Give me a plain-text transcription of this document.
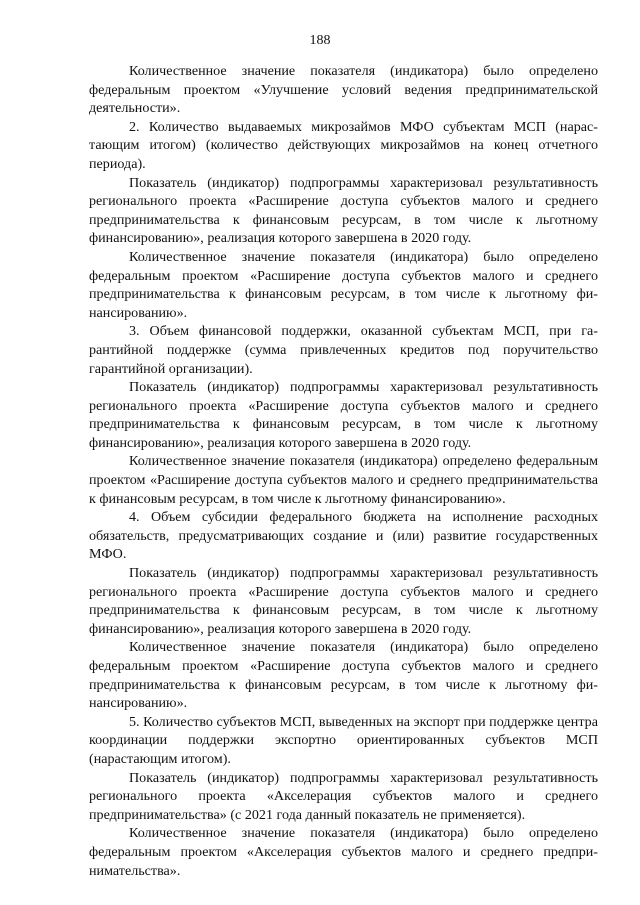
188

Количественное значение показателя (индикатора) было определено федеральным проектом «Улучшение условий ведения предпринимательской деятельности».

2. Количество выдаваемых микрозаймов МФО субъектам МСП (нарастающим итогом) (количество действующих микрозаймов на конец отчетного периода).

Показатель (индикатор) подпрограммы характеризовал результативность регионального проекта «Расширение доступа субъектов малого и среднего предпринимательства к финансовым ресурсам, в том числе к льготному финансированию», реализация которого завершена в 2020 году.

Количественное значение показателя (индикатора) было определено федеральным проектом «Расширение доступа субъектов малого и среднего предпринимательства к финансовым ресурсам, в том числе к льготному финансированию».

3. Объем финансовой поддержки, оказанной субъектам МСП, при гарантийной поддержке (сумма привлеченных кредитов под поручительство гарантийной организации).

Показатель (индикатор) подпрограммы характеризовал результативность регионального проекта «Расширение доступа субъектов малого и среднего предпринимательства к финансовым ресурсам, в том числе к льготному финансированию», реализация которого завершена в 2020 году.

Количественное значение показателя (индикатора) определено федеральным проектом «Расширение доступа субъектов малого и среднего предпринимательства к финансовым ресурсам, в том числе к льготному финансированию».

4. Объем субсидии федерального бюджета на исполнение расходных обязательств, предусматривающих создание и (или) развитие государственных МФО.

Показатель (индикатор) подпрограммы характеризовал результативность регионального проекта «Расширение доступа субъектов малого и среднего предпринимательства к финансовым ресурсам, в том числе к льготному финансированию», реализация которого завершена в 2020 году.

Количественное значение показателя (индикатора) было определено федеральным проектом «Расширение доступа субъектов малого и среднего предпринимательства к финансовым ресурсам, в том числе к льготному финансированию».

5. Количество субъектов МСП, выведенных на экспорт при поддержке центра координации поддержки экспортно ориентированных субъектов МСП (нарастающим итогом).

Показатель (индикатор) подпрограммы характеризовал результативность регионального проекта «Акселерация субъектов малого и среднего предпринимательства» (с 2021 года данный показатель не применяется).

Количественное значение показателя (индикатора) было определено федеральным проектом «Акселерация субъектов малого и среднего предпринимательства».
